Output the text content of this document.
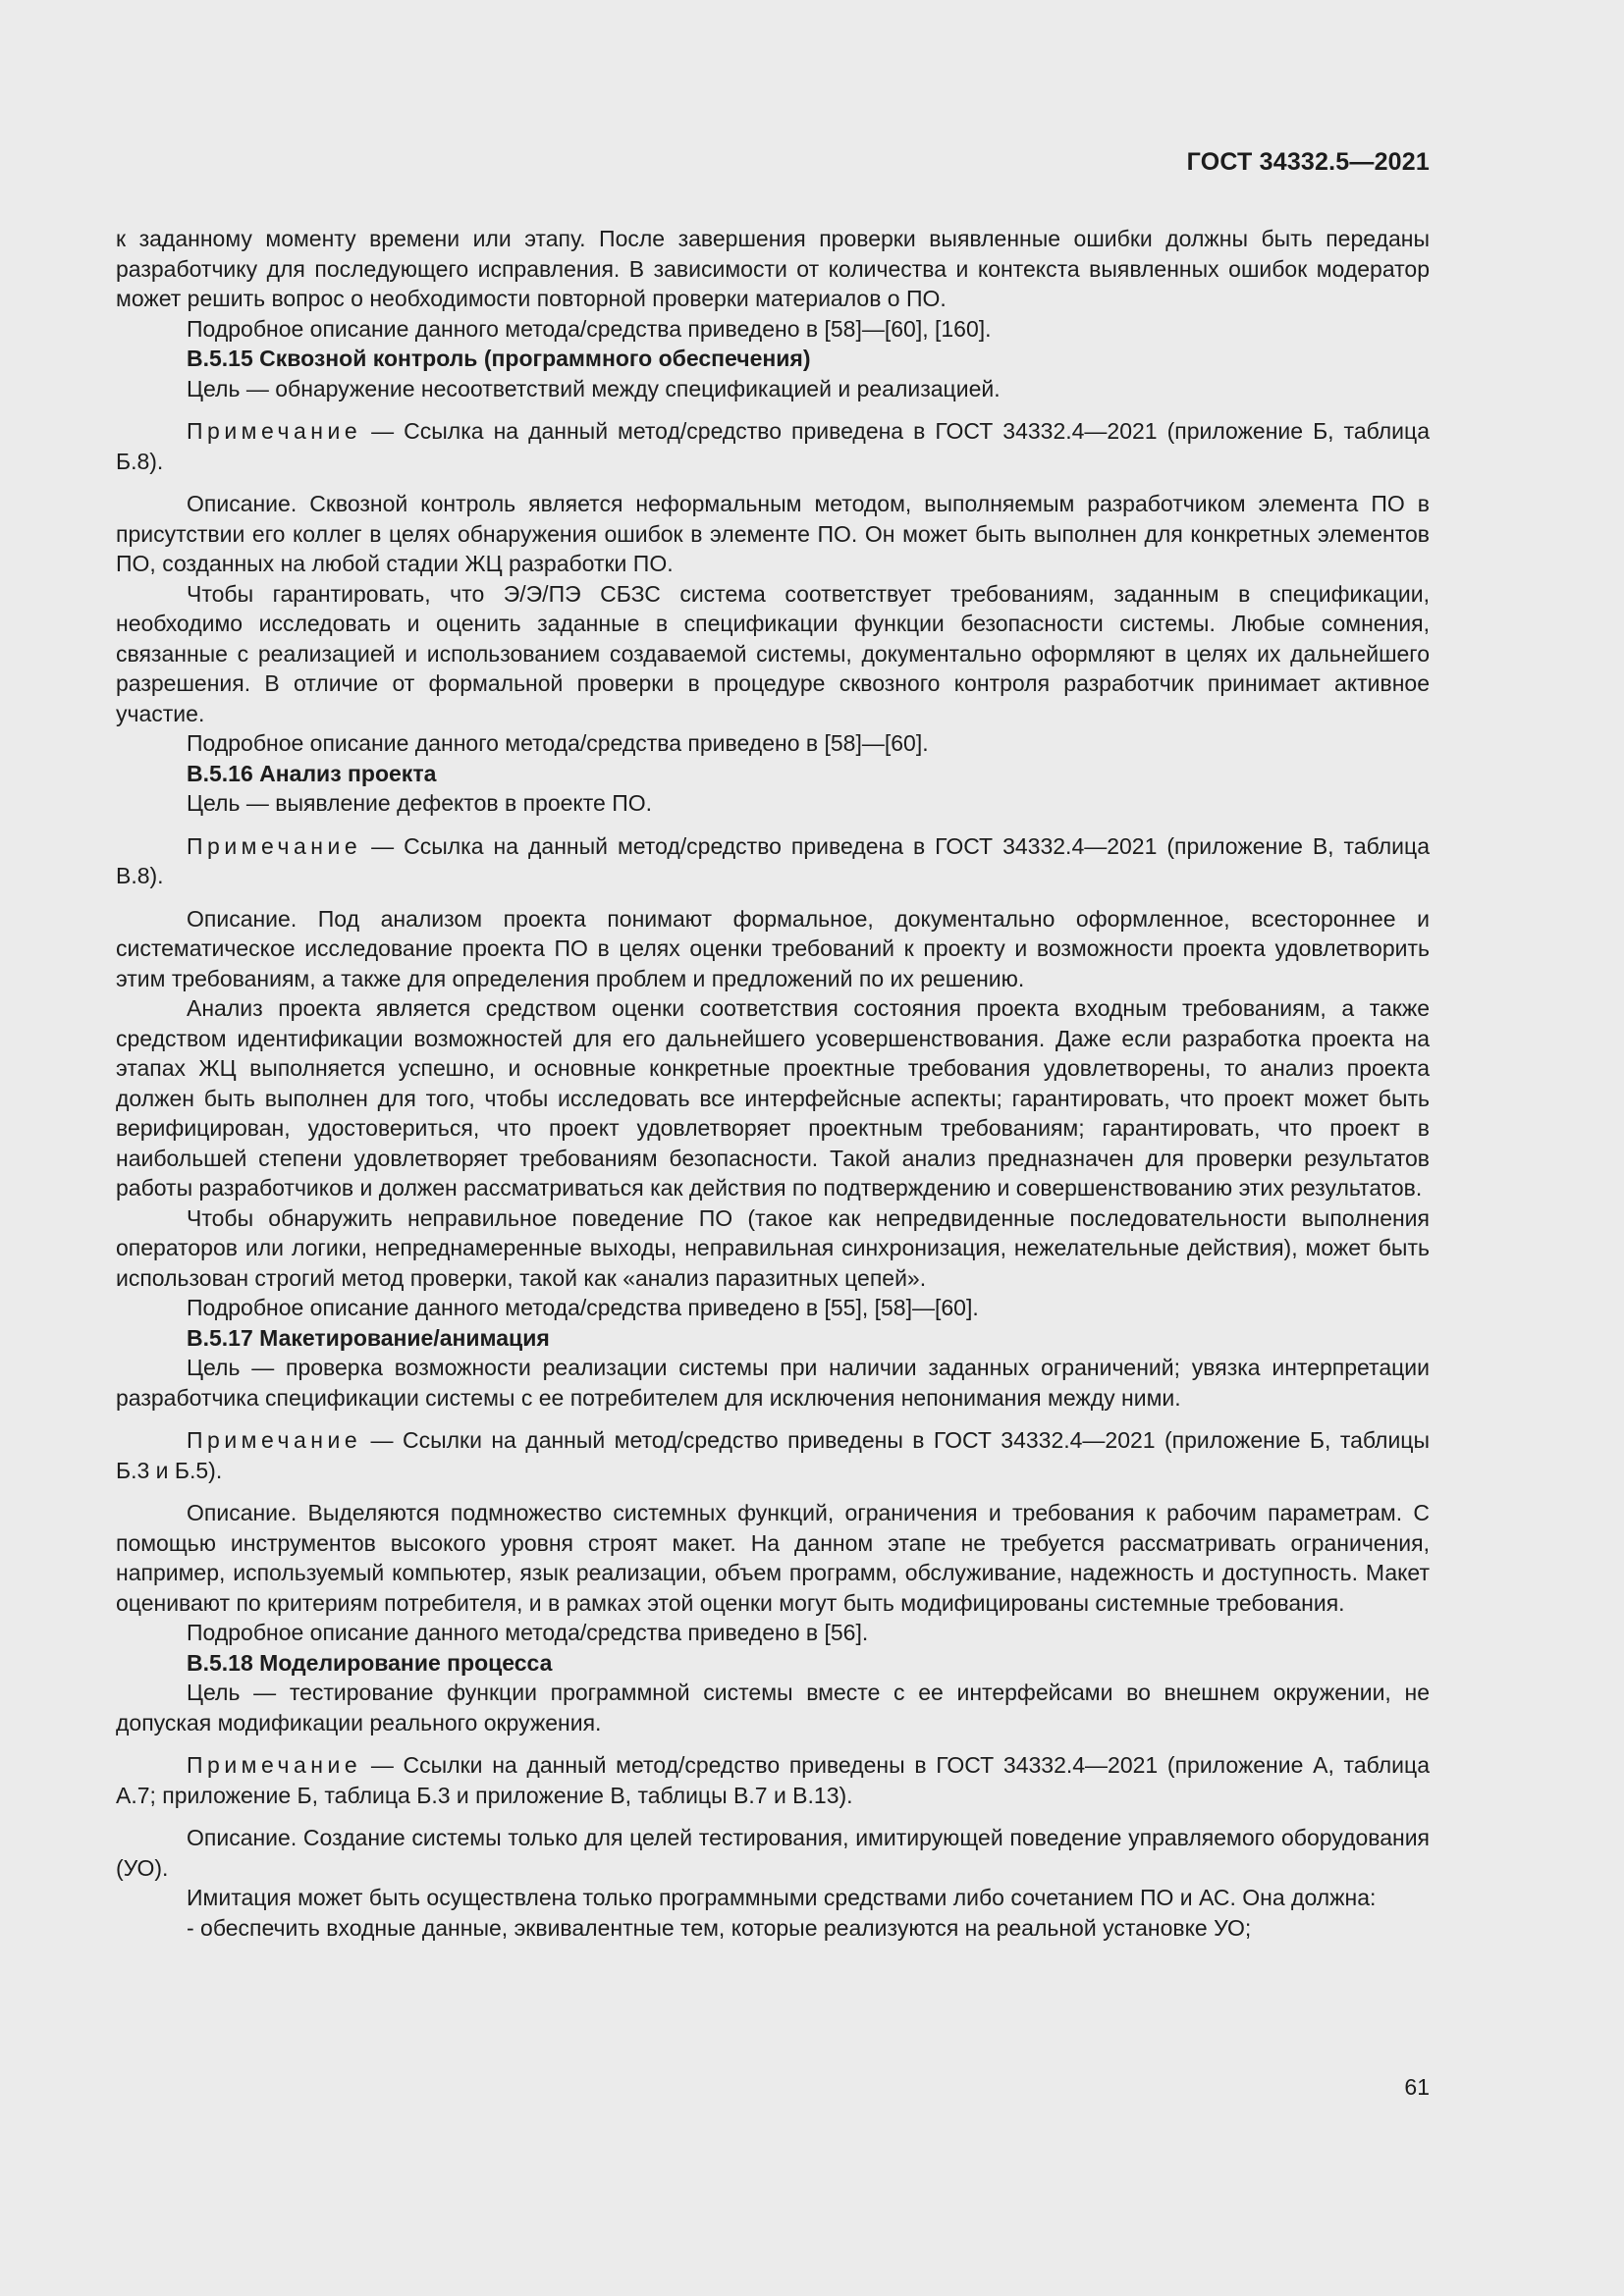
ГОСТ 34332.5—2021

к заданному моменту времени или этапу. После завершения проверки выявленные ошибки должны быть переданы разработчику для последующего исправления. В зависимости от количества и контекста выявленных ошибок модератор может решить вопрос о необходимости повторной проверки материалов о ПО.

Подробное описание данного метода/средства приведено в [58]—[60], [160].

В.5.15 Сквозной контроль (программного обеспечения)

Цель — обнаружение несоответствий между спецификацией и реализацией.

Примечание — Ссылка на данный метод/средство приведена в ГОСТ 34332.4—2021 (приложение Б, таблица Б.8).

Описание. Сквозной контроль является неформальным методом, выполняемым разработчиком элемента ПО в присутствии его коллег в целях обнаружения ошибок в элементе ПО. Он может быть выполнен для конкретных элементов ПО, созданных на любой стадии ЖЦ разработки ПО.

Чтобы гарантировать, что Э/Э/ПЭ СБЗС система соответствует требованиям, заданным в спецификации, необходимо исследовать и оценить заданные в спецификации функции безопасности системы. Любые сомнения, связанные с реализацией и использованием создаваемой системы, документально оформляют в целях их дальнейшего разрешения. В отличие от формальной проверки в процедуре сквозного контроля разработчик принимает активное участие.

Подробное описание данного метода/средства приведено в [58]—[60].

В.5.16 Анализ проекта

Цель — выявление дефектов в проекте ПО.

Примечание — Ссылка на данный метод/средство приведена в ГОСТ 34332.4—2021 (приложение В, таблица В.8).

Описание. Под анализом проекта понимают формальное, документально оформленное, всестороннее и систематическое исследование проекта ПО в целях оценки требований к проекту и возможности проекта удовлетворить этим требованиям, а также для определения проблем и предложений по их решению.

Анализ проекта является средством оценки соответствия состояния проекта входным требованиям, а также средством идентификации возможностей для его дальнейшего усовершенствования. Даже если разработка проекта на этапах ЖЦ выполняется успешно, и основные конкретные проектные требования удовлетворены, то анализ проекта должен быть выполнен для того, чтобы исследовать все интерфейсные аспекты; гарантировать, что проект может быть верифицирован, удостовериться, что проект удовлетворяет проектным требованиям; гарантировать, что проект в наибольшей степени удовлетворяет требованиям безопасности. Такой анализ предназначен для проверки результатов работы разработчиков и должен рассматриваться как действия по подтверждению и совершенствованию этих результатов.

Чтобы обнаружить неправильное поведение ПО (такое как непредвиденные последовательности выполнения операторов или логики, непреднамеренные выходы, неправильная синхронизация, нежелательные действия), может быть использован строгий метод проверки, такой как «анализ паразитных цепей».

Подробное описание данного метода/средства приведено в [55], [58]—[60].

В.5.17 Макетирование/анимация

Цель — проверка возможности реализации системы при наличии заданных ограничений; увязка интерпретации разработчика спецификации системы с ее потребителем для исключения непонимания между ними.

Примечание — Ссылки на данный метод/средство приведены в ГОСТ 34332.4—2021 (приложение Б, таблицы Б.3 и Б.5).

Описание. Выделяются подмножество системных функций, ограничения и требования к рабочим параметрам. С помощью инструментов высокого уровня строят макет. На данном этапе не требуется рассматривать ограничения, например, используемый компьютер, язык реализации, объем программ, обслуживание, надежность и доступность. Макет оценивают по критериям потребителя, и в рамках этой оценки могут быть модифицированы системные требования.

Подробное описание данного метода/средства приведено в [56].

В.5.18 Моделирование процесса

Цель — тестирование функции программной системы вместе с ее интерфейсами во внешнем окружении, не допуская модификации реального окружения.

Примечание — Ссылки на данный метод/средство приведены в ГОСТ 34332.4—2021 (приложение А, таблица А.7; приложение Б, таблица Б.3 и приложение В, таблицы В.7 и В.13).

Описание. Создание системы только для целей тестирования, имитирующей поведение управляемого оборудования (УО).

Имитация может быть осуществлена только программными средствами либо сочетанием ПО и АС. Она должна:

- обеспечить входные данные, эквивалентные тем, которые реализуются на реальной установке УО;

61
